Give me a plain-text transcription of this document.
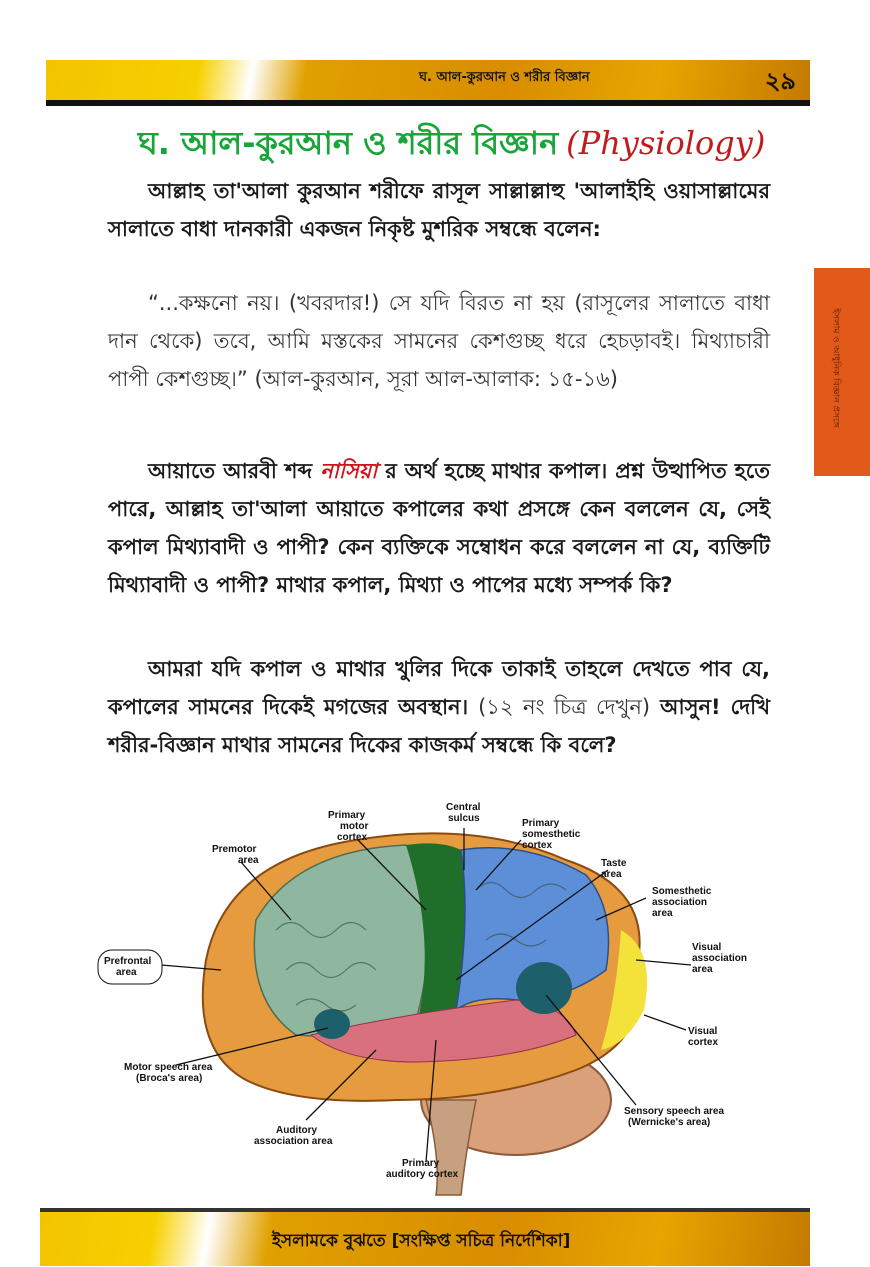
ঘ. আল-কুরআন ও শরীর বিজ্ঞান	২৯
ইসলাম ও আধুনিক বিজ্ঞান প্রসঙ্গে
ঘ. আল-কুরআন ও শরীর বিজ্ঞান (Physiology)
আল্লাহ তা'আলা কুরআন শরীফে রাসূল সাল্লাল্লাহু 'আলাইহি ওয়াসাল্লামের সালাতে বাধা দানকারী একজন নিকৃষ্ট মুশরিক সম্বন্ধে বলেন:
“...কক্ষনো নয়। (খবরদার!) সে যদি বিরত না হয় (রাসূলের সালাতে বাধা দান থেকে) তবে, আমি মস্তকের সামনের কেশগুচ্ছ ধরে হেচড়াবই। মিথ্যাচারী পাপী কেশগুচ্ছ।” (আল-কুরআন, সূরা আল-আলাক: ১৫-১৬)
আয়াতে আরবী শব্দ নাসিয়া র অর্থ হচ্ছে মাথার কপাল। প্রশ্ন উত্থাপিত হতে পারে, আল্লাহ তা'আলা আয়াতে কপালের কথা প্রসঙ্গে কেন বললেন যে, সেই কপাল মিথ্যাবাদী ও পাপী? কেন ব্যক্তিকে সম্বোধন করে বললেন না যে, ব্যক্তিটি মিথ্যাবাদী ও পাপী? মাথার কপাল, মিথ্যা ও পাপের মধ্যে সম্পর্ক কি?
আমরা যদি কপাল ও মাথার খুলির দিকে তাকাই তাহলে দেখতে পাব যে, কপালের সামনের দিকেই মগজের অবস্থান। (১২ নং চিত্র দেখুন) আসুন! দেখি শরীর-বিজ্ঞান মাথার সামনের দিকের কাজকর্ম সম্বন্ধে কি বলে?
Central sulcus
Primary motor cortex
Primary somesthetic cortex
Premotor area	Taste area
Somesthetic association area
Prefrontal area
Visual association area
Visual cortex
Motor speech area (Broca's area)
Sensory speech area (Wernicke's area)
Auditory association area
Primary auditory cortex
ইসলামকে বুঝতে [সংক্ষিপ্ত সচিত্র নির্দেশিকা]
